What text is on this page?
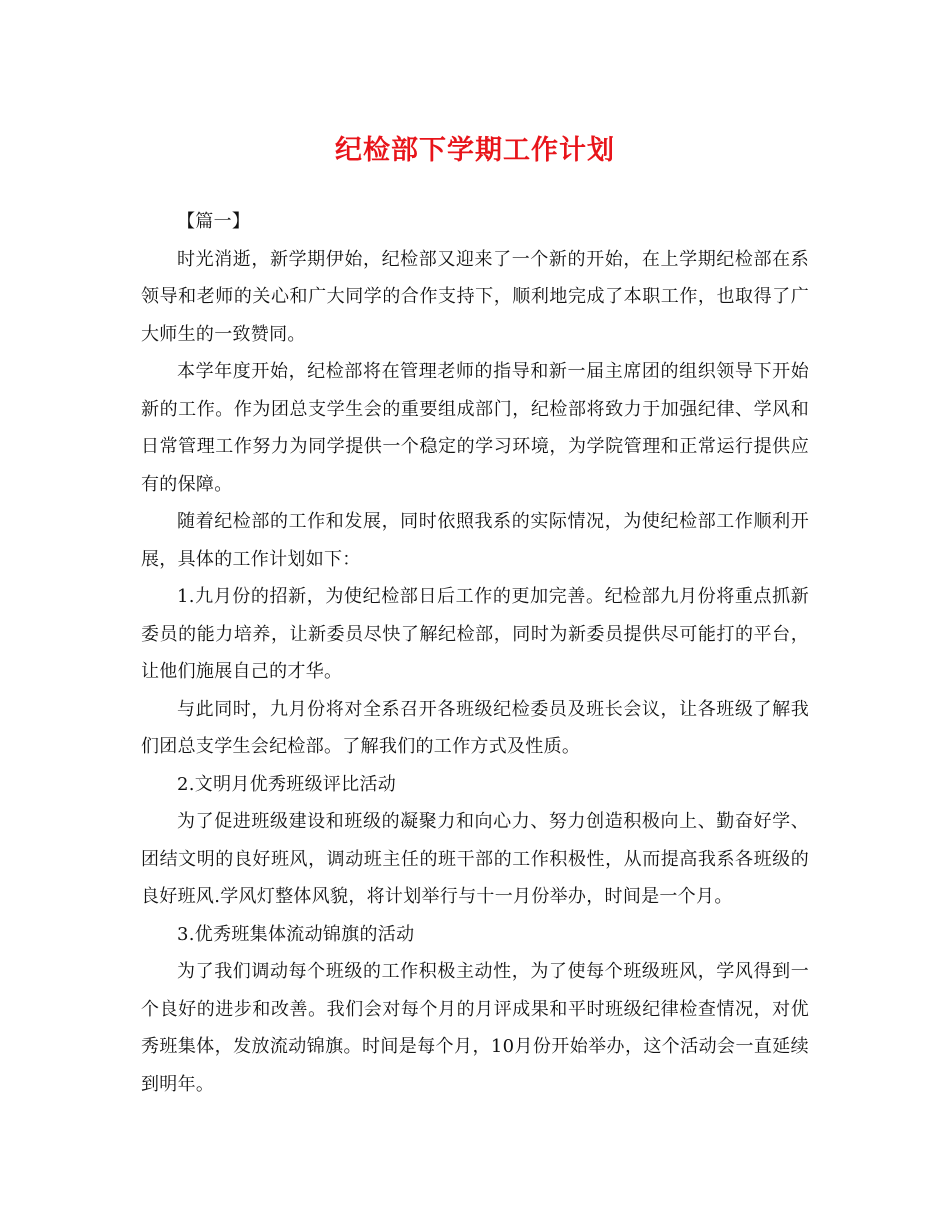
纪检部下学期工作计划

【篇一】

时光消逝，新学期伊始，纪检部又迎来了一个新的开始，在上学期纪检部在系领导和老师的关心和广大同学的合作支持下，顺利地完成了本职工作，也取得了广大师生的一致赞同。

本学年度开始，纪检部将在管理老师的指导和新一届主席团的组织领导下开始新的工作。作为团总支学生会的重要组成部门，纪检部将致力于加强纪律、学风和日常管理工作努力为同学提供一个稳定的学习环境，为学院管理和正常运行提供应有的保障。

随着纪检部的工作和发展，同时依照我系的实际情况，为使纪检部工作顺利开展，具体的工作计划如下：

1.九月份的招新，为使纪检部日后工作的更加完善。纪检部九月份将重点抓新委员的能力培养，让新委员尽快了解纪检部，同时为新委员提供尽可能打的平台，让他们施展自己的才华。

与此同时，九月份将对全系召开各班级纪检委员及班长会议，让各班级了解我们团总支学生会纪检部。了解我们的工作方式及性质。

2.文明月优秀班级评比活动

为了促进班级建设和班级的凝聚力和向心力、努力创造积极向上、勤奋好学、团结文明的良好班风，调动班主任的班干部的工作积极性，从而提高我系各班级的良好班风.学风灯整体风貌，将计划举行与十一月份举办，时间是一个月。

3.优秀班集体流动锦旗的活动

为了我们调动每个班级的工作积极主动性，为了使每个班级班风，学风得到一个良好的进步和改善。我们会对每个月的月评成果和平时班级纪律检查情况，对优秀班集体，发放流动锦旗。时间是每个月，10月份开始举办，这个活动会一直延续到明年。
